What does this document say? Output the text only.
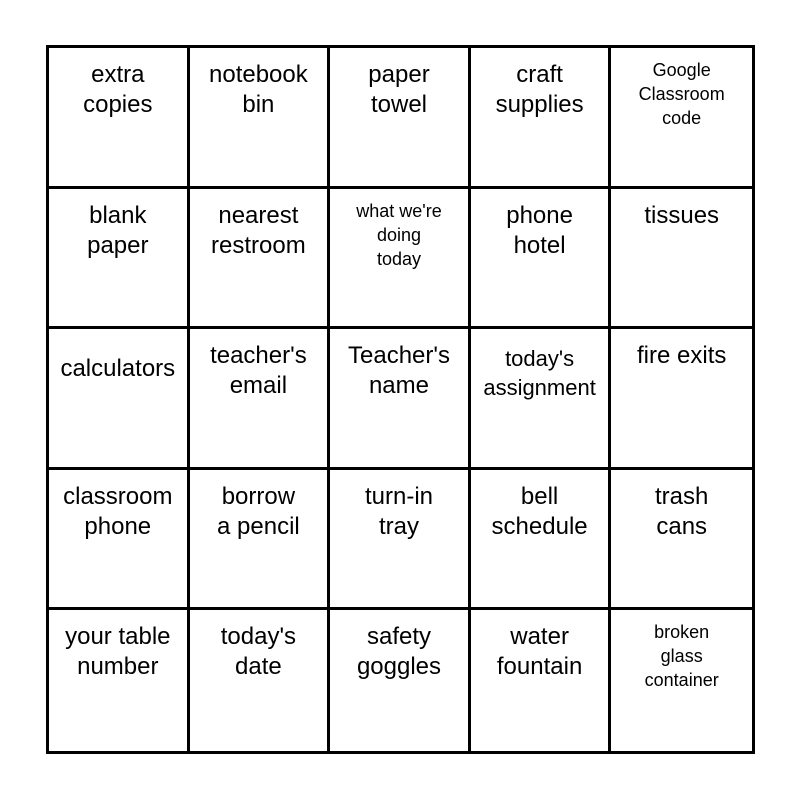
extra
copies
notebook
bin
paper
towel
craft
supplies
Google
Classroom
code
blank
paper
nearest
restroom
what we're
doing
today
phone
hotel
tissues
calculators teacher's
email
Teacher's
name
today's
assignment
fire exits
classroom
phone
borrow
a pencil
turn-in
tray
bell
schedule
trash
cans
your table
number
today's
date
safety
goggles
water
fountain
broken
glass
container
